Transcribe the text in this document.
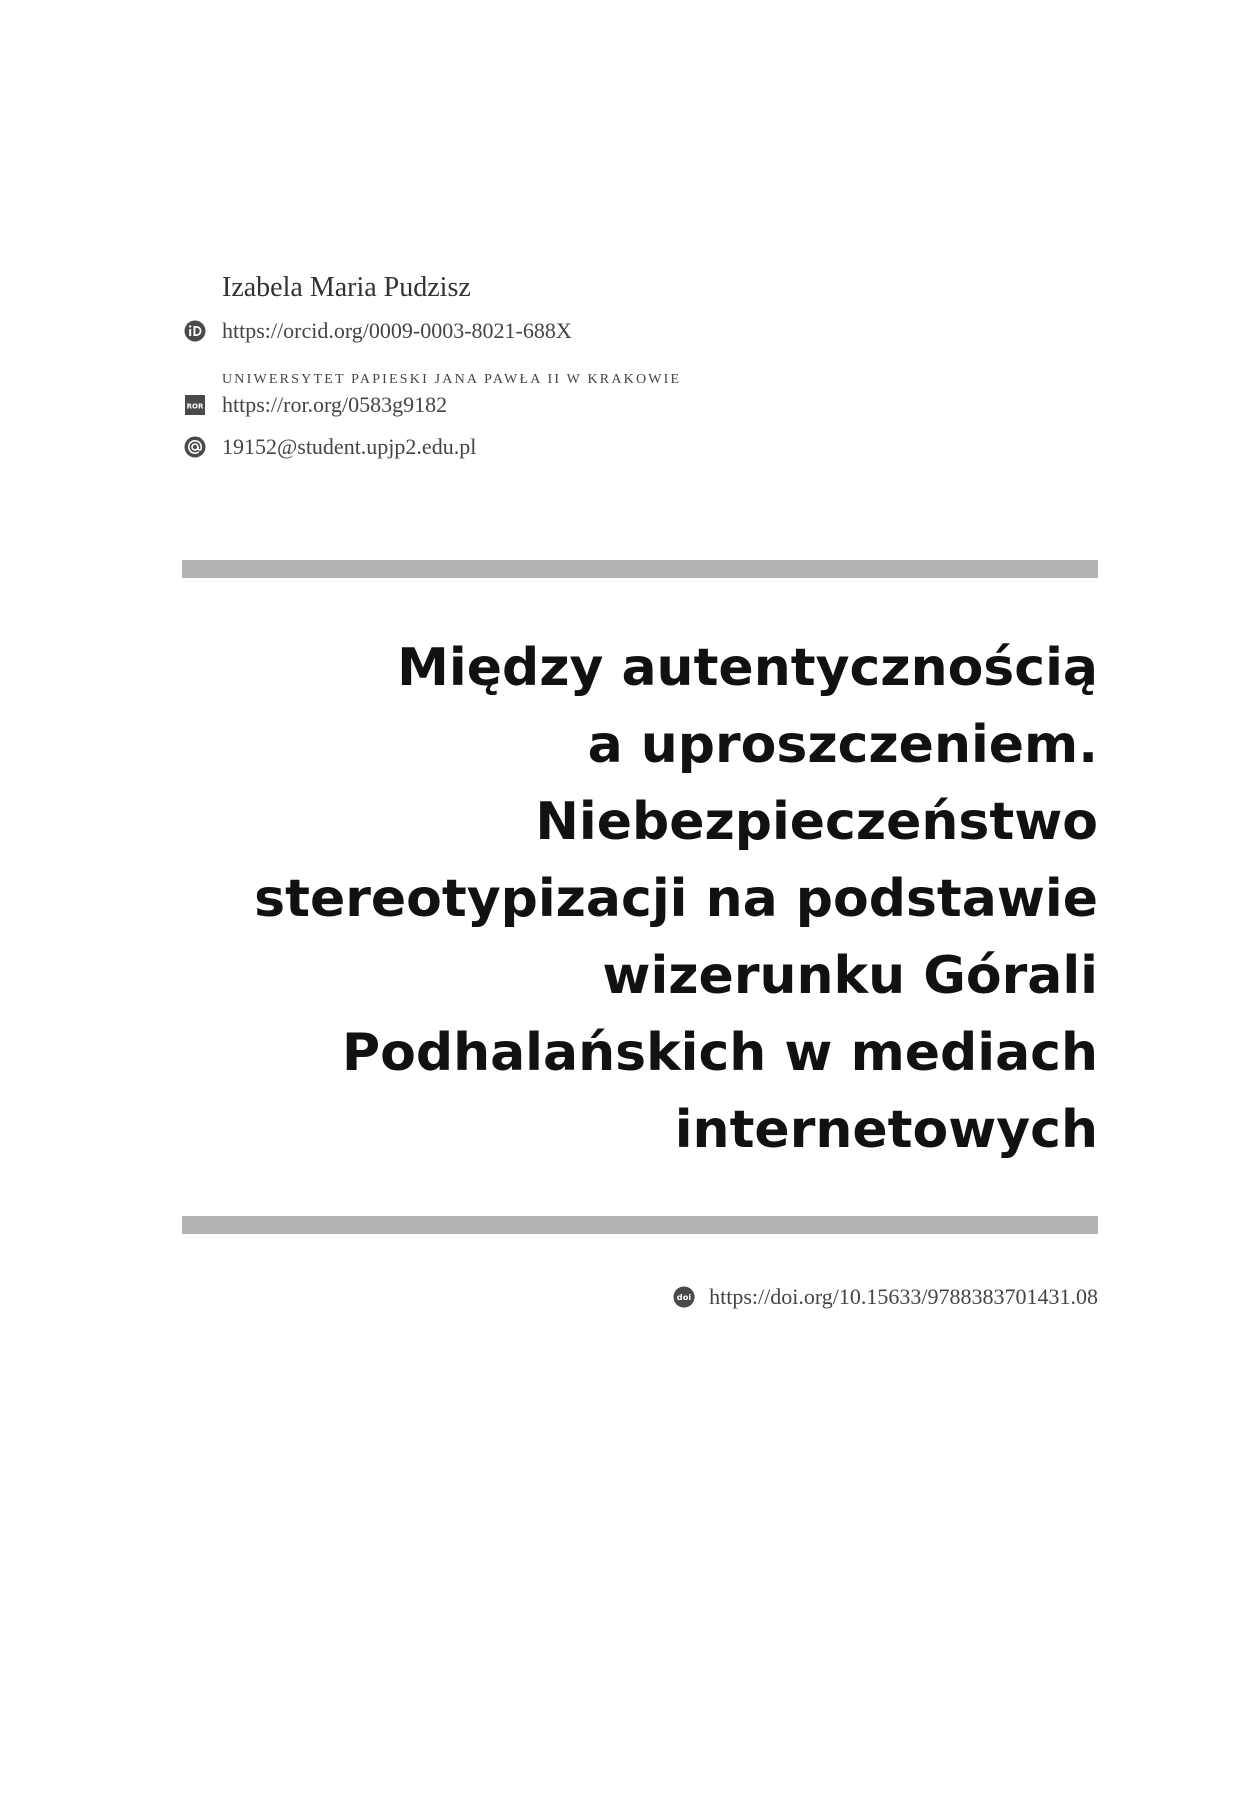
Izabela Maria Pudzisz
https://orcid.org/0009-0003-8021-688X
UNIWERSYTET PAPIESKI JANA PAWŁA II W KRAKOWIE
ROR https://ror.org/0583g9182
19152@student.upjp2.edu.pl
Między autentycznością
a uproszczeniem.
Niebezpieczeństwo
stereotypizacji na podstawie
wizerunku Górali
Podhalańskich w mediach
internetowych
doi https://doi.org/10.15633/9788383701431.08
